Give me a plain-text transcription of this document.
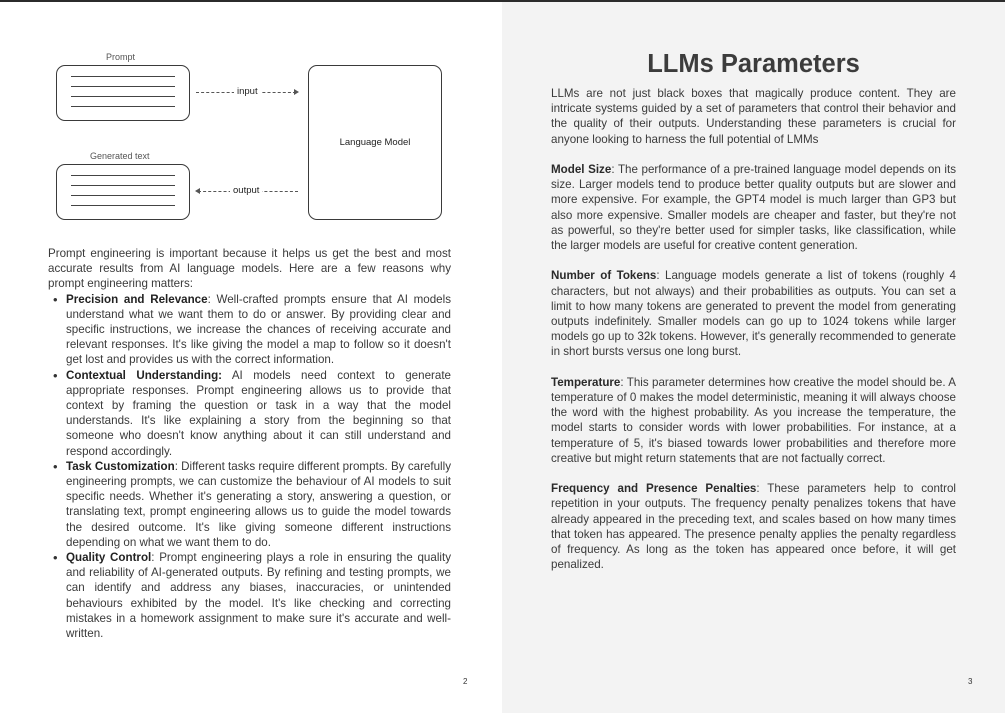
Prompt
input
Language Model
Generated text
output

Prompt engineering is important because it helps us get the best and most accurate results from AI language models. Here are a few reasons why prompt engineering matters:

• Precision and Relevance: Well-crafted prompts ensure that AI models understand what we want them to do or answer. By providing clear and specific instructions, we increase the chances of receiving accurate and relevant responses. It's like giving the model a map to follow so it doesn't get lost and provides us with the correct information.
• Contextual Understanding: AI models need context to generate appropriate responses. Prompt engineering allows us to provide that context by framing the question or task in a way that the model understands. It's like explaining a story from the beginning so that someone who doesn't know anything about it can still understand and respond accordingly.
• Task Customization: Different tasks require different prompts. By carefully engineering prompts, we can customize the behaviour of AI models to suit specific needs. Whether it's generating a story, answering a question, or translating text, prompt engineering allows us to guide the model towards the desired outcome. It's like giving someone different instructions depending on what we want them to do.
• Quality Control: Prompt engineering plays a role in ensuring the quality and reliability of AI-generated outputs. By refining and testing prompts, we can identify and address any biases, inaccuracies, or unintended behaviours exhibited by the model. It's like checking and correcting mistakes in a homework assignment to make sure it's accurate and well-written.
2
LLMs Parameters

LLMs are not just black boxes that magically produce content. They are intricate systems guided by a set of parameters that control their behavior and the quality of their outputs. Understanding these parameters is crucial for anyone looking to harness the full potential of LMMs

Model Size: The performance of a pre-trained language model depends on its size. Larger models tend to produce better quality outputs but are slower and more expensive. For example, the GPT4 model is much larger than GP3 but also more expensive. Smaller models are cheaper and faster, but they're not as powerful, so they're better used for simpler tasks, like classification, while the larger models are useful for creative content generation.

Number of Tokens: Language models generate a list of tokens (roughly 4 characters, but not always) and their probabilities as outputs. You can set a limit to how many tokens are generated to prevent the model from generating outputs indefinitely. Smaller models can go up to 1024 tokens while larger models go up to 32k tokens. However, it's generally recommended to generate in short bursts versus one long burst.

Temperature: This parameter determines how creative the model should be. A temperature of 0 makes the model deterministic, meaning it will always choose the word with the highest probability. As you increase the temperature, the model starts to consider words with lower probabilities. For instance, at a temperature of 5, it's biased towards lower probabilities and therefore more creative but might return statements that are not factually correct.

Frequency and Presence Penalties: These parameters help to control repetition in your outputs. The frequency penalty penalizes tokens that have already appeared in the preceding text, and scales based on how many times that token has appeared. The presence penalty applies the penalty regardless of frequency. As long as the token has appeared once before, it will get penalized.

3
